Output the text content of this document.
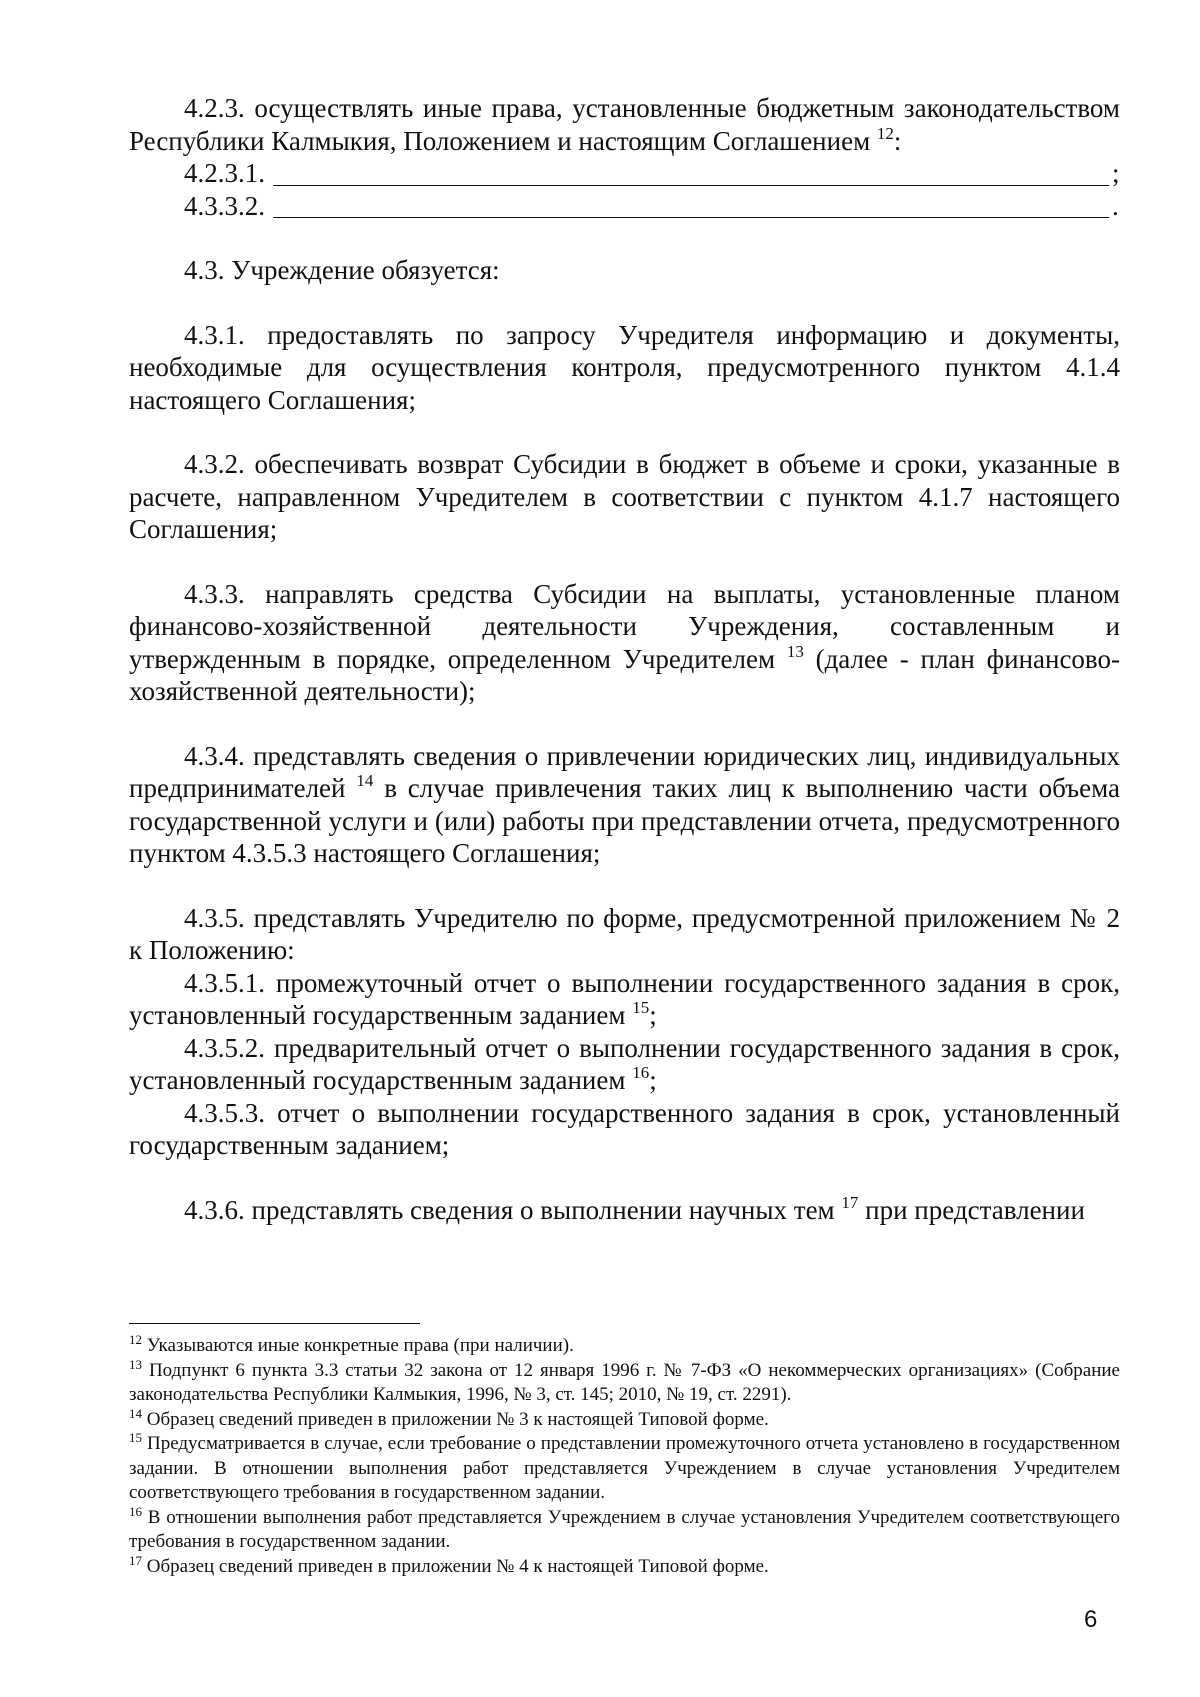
4.2.3. осуществлять иные права, установленные бюджетным законодательством Республики Калмыкия, Положением и настоящим Соглашением $^{12}$:

4.2.3.1.	;
4.3.3.2.	.

4.3. Учреждение обязуется:

4.3.1. предоставлять по запросу Учредителя информацию и документы, необходимые для осуществления контроля, предусмотренного пунктом 4.1.4 настоящего Соглашения;

4.3.2. обеспечивать возврат Субсидии в бюджет в объеме и сроки, указанные в расчете, направленном Учредителем в соответствии с пунктом 4.1.7 настоящего Соглашения;

4.3.3. направлять средства Субсидии на выплаты, установленные планом финансово-хозяйственной деятельности Учреждения, составленным и утвержденным в порядке, определенном Учредителем $^{13}$ (далее - план финансово-хозяйственной деятельности);

4.3.4. представлять сведения о привлечении юридических лиц, индивидуальных предпринимателей $^{14}$ в случае привлечения таких лиц к выполнению части объема государственной услуги и (или) работы при представлении отчета, предусмотренного пунктом 4.3.5.3 настоящего Соглашения;

4.3.5. представлять Учредителю по форме, предусмотренной приложением № 2 к Положению:

4.3.5.1. промежуточный отчет о выполнении государственного задания в срок, установленный государственным заданием $^{15}$;

4.3.5.2. предварительный отчет о выполнении государственного задания в срок, установленный государственным заданием $^{16}$;

4.3.5.3. отчет о выполнении государственного задания в срок, установленный государственным заданием;

4.3.6. представлять сведения о выполнении научных тем $^{17}$ при представлении

$^{12}$ Указываются иные конкретные права (при наличии).

$^{13}$ Подпункт 6 пункта 3.3 статьи 32 закона от 12 января 1996 г. № 7-ФЗ «О некоммерческих организациях» (Собрание законодательства Республики Калмыкия, 1996, № 3, ст. 145; 2010, № 19, ст. 2291).

$^{14}$ Образец сведений приведен в приложении № 3 к настоящей Типовой форме.

$^{15}$ Предусматривается в случае, если требование о представлении промежуточного отчета установлено в государственном задании. В отношении выполнения работ представляется Учреждением в случае установления Учредителем соответствующего требования в государственном задании.

$^{16}$ В отношении выполнения работ представляется Учреждением в случае установления Учредителем соответствующего требования в государственном задании.

$^{17}$ Образец сведений приведен в приложении № 4 к настоящей Типовой форме.

6
